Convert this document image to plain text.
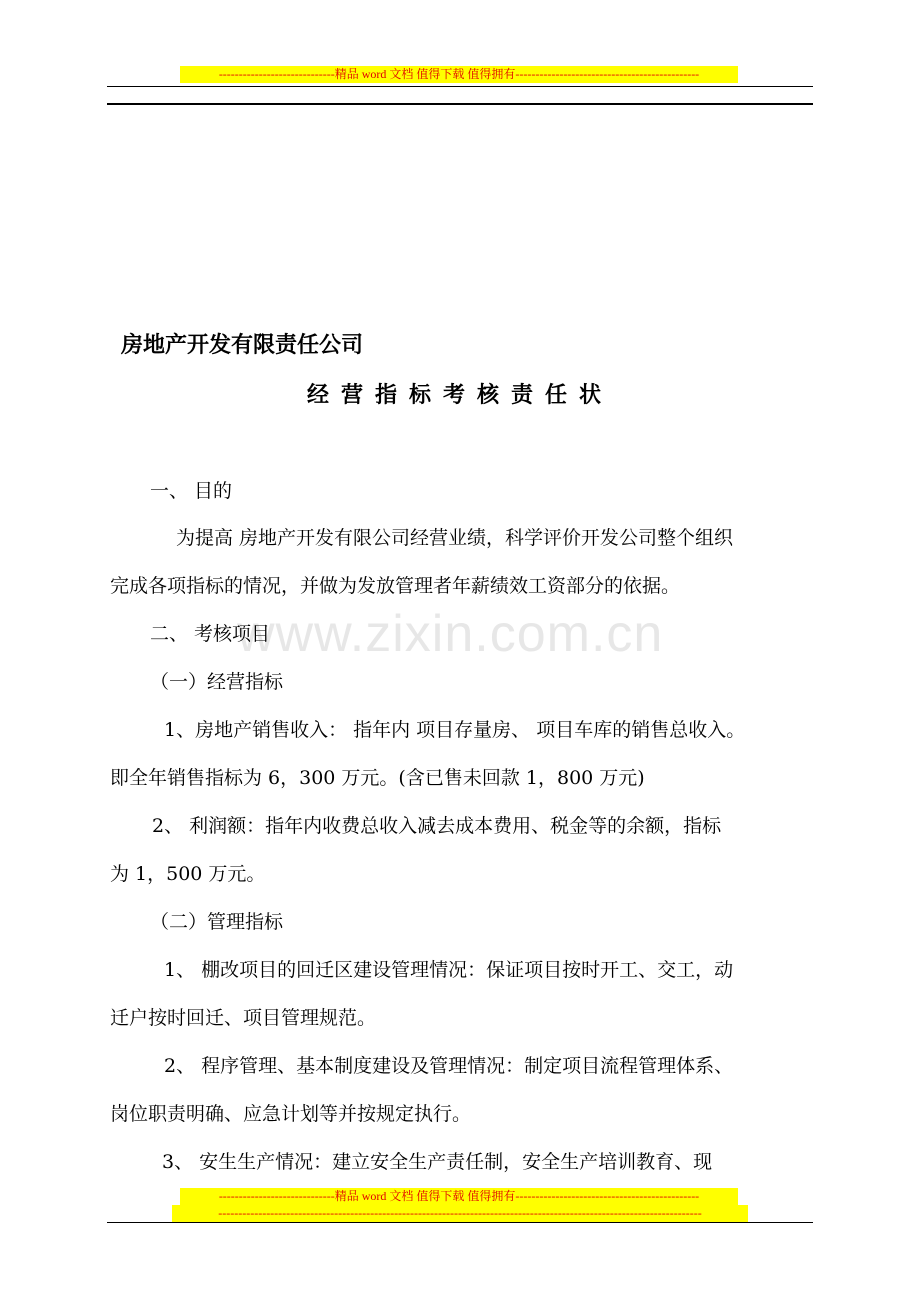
-----------------------------精品 word 文档 值得下载 值得拥有----------------------------------------------
www.zixin.com.cn
房地产开发有限责任公司
经营指标考核责任状
一、 目的
为提高 房地产开发有限公司经营业绩，科学评价开发公司整个组织
完成各项指标的情况，并做为发放管理者年薪绩效工资部分的依据。
二、 考核项目
（一）经营指标
1、房地产销售收入： 指年内 项目存量房、 项目车库的销售总收入。
即全年销售指标为 6，300 万元。(含已售未回款 1，800 万元)
2、 利润额：指年内收费总收入减去成本费用、税金等的余额，指标
为 1，500 万元。
（二）管理指标
1、 棚改项目的回迁区建设管理情况：保证项目按时开工、交工，动
迁户按时回迁、项目管理规范。
2、 程序管理、基本制度建设及管理情况：制定项目流程管理体系、
岗位职责明确、应急计划等并按规定执行。
3、 安生生产情况：建立安全生产责任制，安全生产培训教育、现
-----------------------------精品 word 文档 值得下载 值得拥有----------------------------------------------
-------------------------------------------------------------------------------------------------------------------------
